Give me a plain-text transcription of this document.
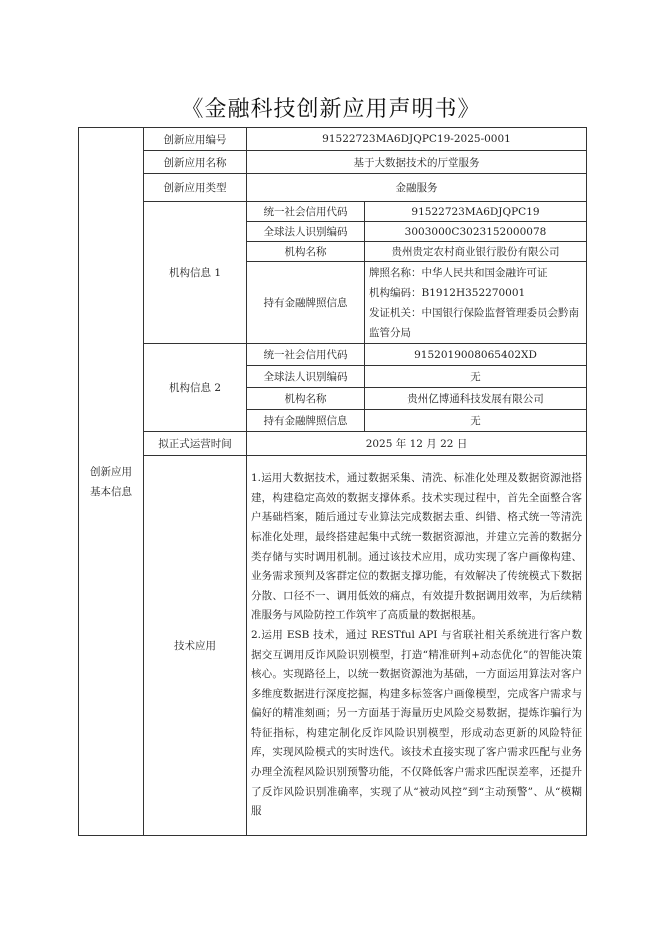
《金融科技创新应用声明书》
创新应用基本信息	创新应用编号	91522723MA6DJQPC19-2025-0001	
	创新应用名称	基于大数据技术的厅堂服务	
	创新应用类型	金融服务	
	机构信息 1	统一社会信用代码	91522723MA6DJQPC19
		全球法人识别编码	3003000C3023152000078
		机构名称	贵州贵定农村商业银行股份有限公司
		持有金融牌照信息	牌照名称：中华人民共和国金融许可证
机构编码：B1912H352270001
发证机关：中国银行保险监督管理委员会黔南监管分局

	机构信息 2	统一社会信用代码	9152019008065402XD
		全球法人识别编码	无
		机构名称	贵州亿博通科技发展有限公司
		持有金融牌照信息	无
	拟正式运营时间	2025 年 12 月 22 日	
	技术应用	1.运用大数据技术，通过数据采集、清洗、标准化处理及数据资源池搭建，构建稳定高效的数据支撑体系。技术实现过程中，首先全面整合客户基础档案，随后通过专业算法完成数据去重、纠错、格式统一等清洗标准化处理，最终搭建起集中式统一数据资源池，并建立完善的数据分类存储与实时调用机制。通过该技术应用，成功实现了客户画像构建、业务需求预判及客群定位的数据支撑功能，有效解决了传统模式下数据分散、口径不一、调用低效的痛点，有效提升数据调用效率，为后续精准服务与风险防控工作筑牢了高质量的数据根基。

2.运用 ESB 技术，通过 RESTful API 与省联社相关系统进行客户数据交互调用反诈风险识别模型，打造“精准研判+动态优化”的智能决策核心。实现路径上，以统一数据资源池为基础，一方面运用算法对客户多维度数据进行深度挖掘，构建多标签客户画像模型，完成客户需求与偏好的精准刻画；另一方面基于海量历史风险交易数据，提炼诈骗行为特征指标，构建定制化反诈风险识别模型，形成动态更新的风险特征库，实现风险模式的实时迭代。该技术直接实现了客户需求匹配与业务办理全流程风险识别预警功能，不仅降低客户需求匹配误差率，还提升了反诈风险识别准确率，实现了从“被动风控”到“主动预警”、从“模糊服	
